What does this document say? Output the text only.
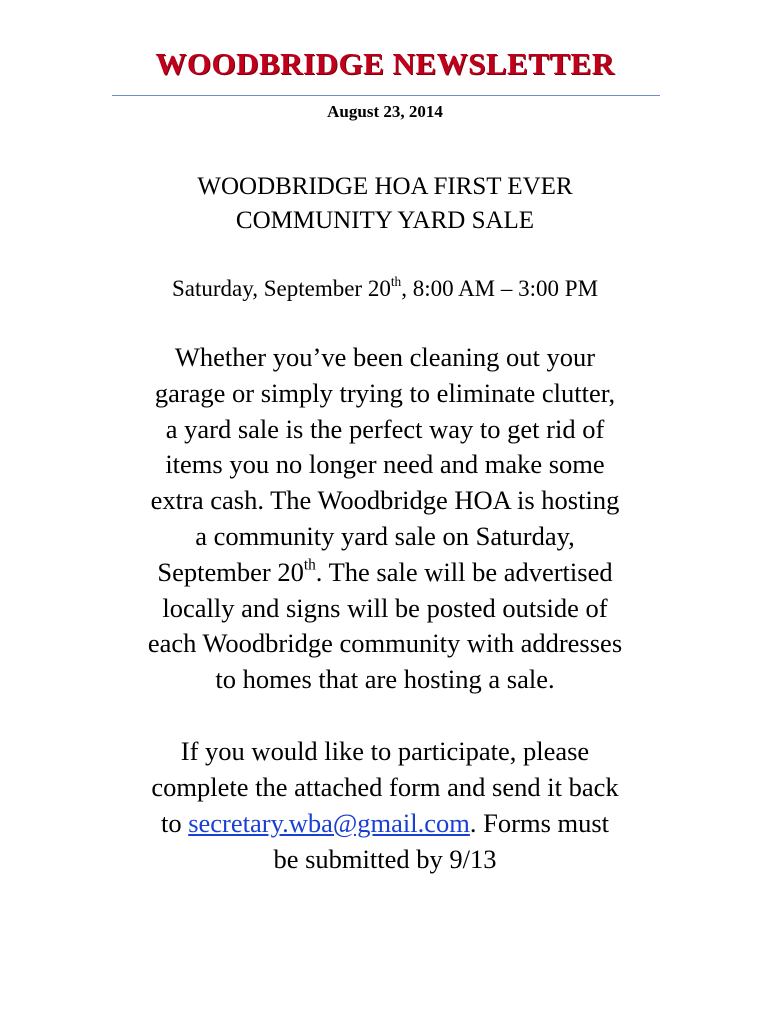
WOODBRIDGE NEWSLETTER
August 23, 2014
WOODBRIDGE HOA FIRST EVER
COMMUNITY YARD SALE
Saturday, September 20th, 8:00 AM – 3:00 PM
Whether you’ve been cleaning out your
garage or simply trying to eliminate clutter,
a yard sale is the perfect way to get rid of
items you no longer need and make some
extra cash. The Woodbridge HOA is hosting
a community yard sale on Saturday,
September 20th. The sale will be advertised
locally and signs will be posted outside of
each Woodbridge community with addresses
to homes that are hosting a sale.
If you would like to participate, please
complete the attached form and send it back
to secretary.wba@gmail.com. Forms must
be submitted by 9/13
